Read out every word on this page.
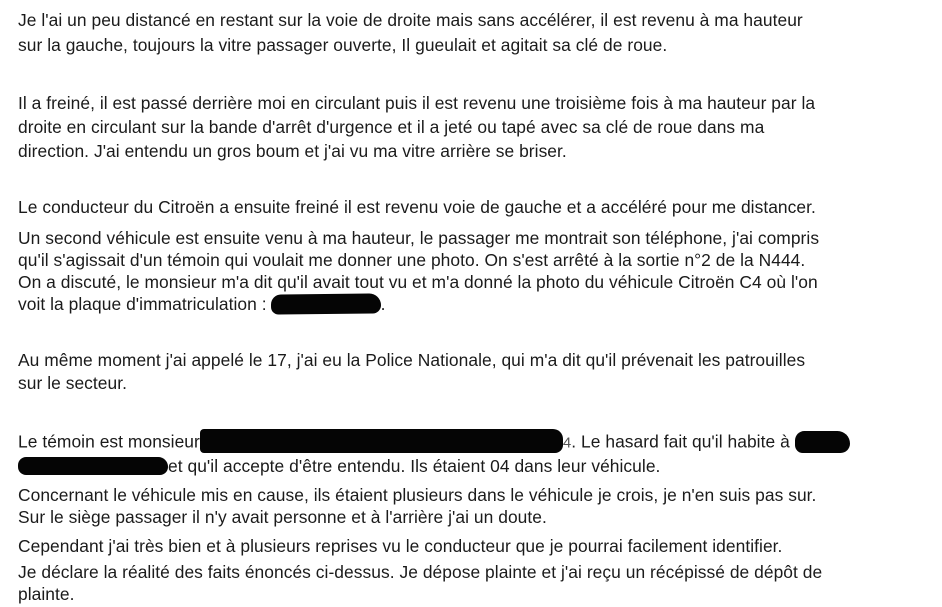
Je l'ai un peu distancé en restant sur la voie de droite mais sans accélérer, il est revenu à ma hauteur
sur la gauche, toujours la vitre passager ouverte, Il gueulait et agitait sa clé de roue.
Il a freiné, il est passé derrière moi en circulant puis il est revenu une troisième fois à ma hauteur par la
droite en circulant sur la bande d'arrêt d'urgence et il a jeté ou tapé avec sa clé de roue dans ma
direction. J'ai entendu un gros boum et j'ai vu ma vitre arrière se briser.
Le conducteur du Citroën a ensuite freiné il est revenu voie de gauche et a accéléré pour me distancer.
Un second véhicule est ensuite venu à ma hauteur, le passager me montrait son téléphone, j'ai compris
qu'il s'agissait d'un témoin qui voulait me donner une photo. On s'est arrêté à la sortie n°2 de la N444.
On a discuté, le monsieur m'a dit qu'il avait tout vu et m'a donné la photo du véhicule Citroën C4 où l'on
voit la plaque d'immatriculation :	.
Au même moment j'ai appelé le 17, j'ai eu la Police Nationale, qui m'a dit qu'il prévenait les patrouilles
sur le secteur.
Le témoin est monsieur	4. Le hasard fait qu'il habite à
et qu'il accepte d'être entendu. Ils étaient 04 dans leur véhicule.
Concernant le véhicule mis en cause, ils étaient plusieurs dans le véhicule je crois, je n'en suis pas sur.
Sur le siège passager il n'y avait personne et à l'arrière j'ai un doute.
Cependant j'ai très bien et à plusieurs reprises vu le conducteur que je pourrai facilement identifier.
Je déclare la réalité des faits énoncés ci-dessus. Je dépose plainte et j'ai reçu un récépissé de dépôt de
plainte.
